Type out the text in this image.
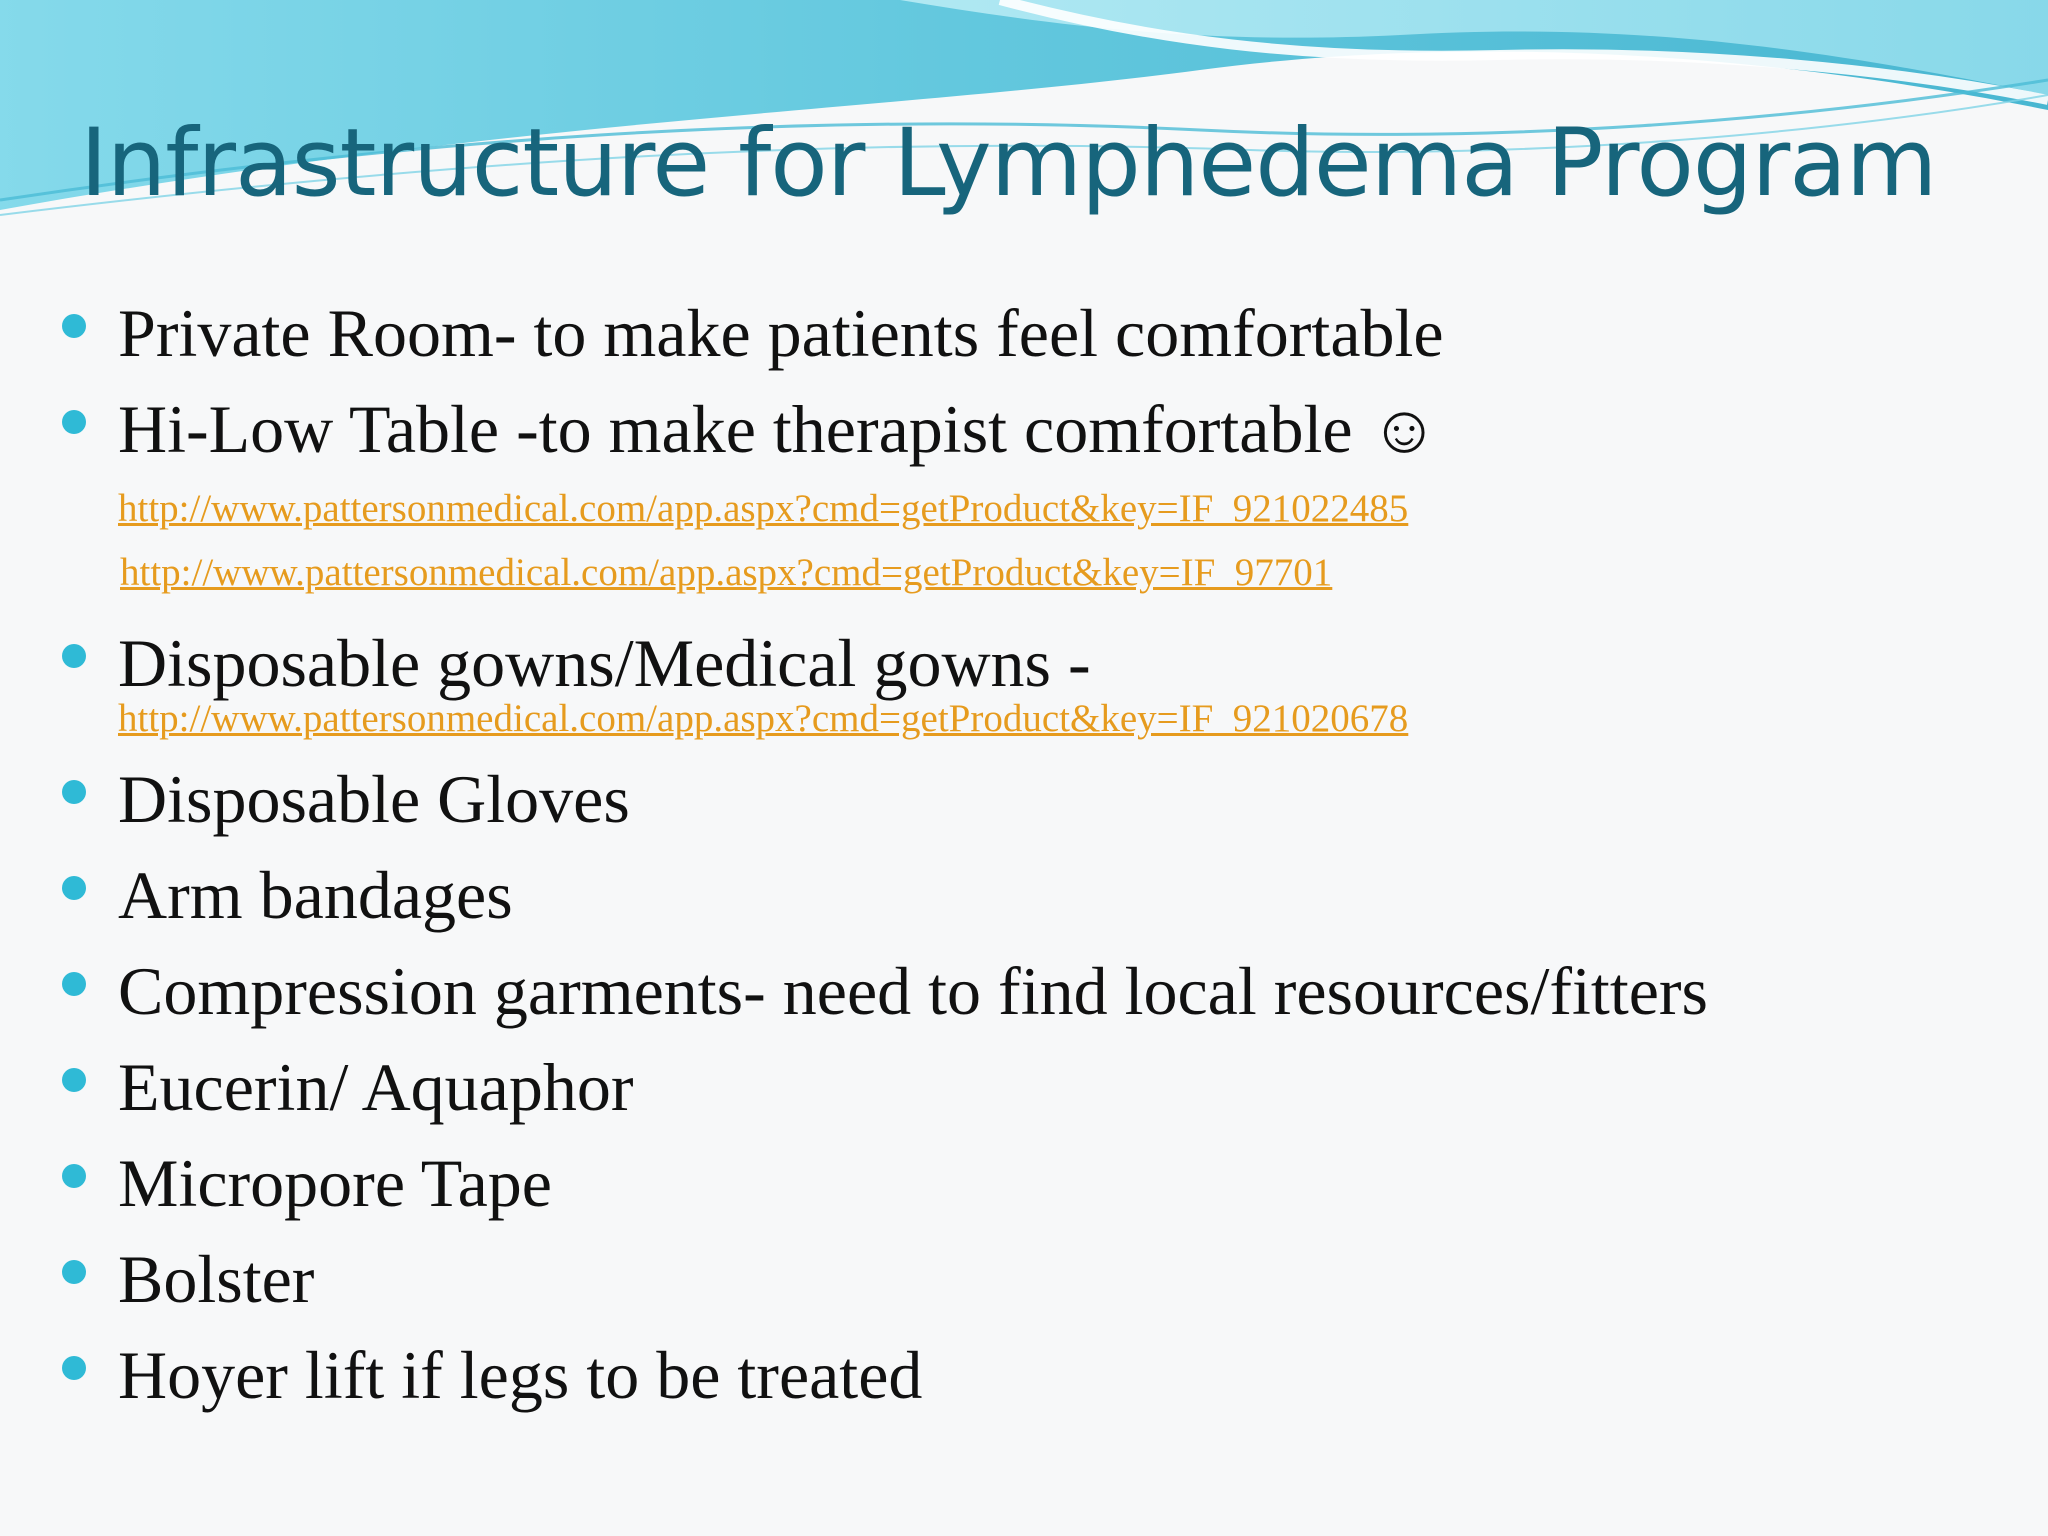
Infrastructure for Lymphedema Program
Private Room- to make patients feel comfortable
Hi-Low Table -to make therapist comfortable ☺
http://www.pattersonmedical.com/app.aspx?cmd=getProduct&key=IF_921022485
http://www.pattersonmedical.com/app.aspx?cmd=getProduct&key=IF_97701
Disposable gowns/Medical gowns -
http://www.pattersonmedical.com/app.aspx?cmd=getProduct&key=IF_921020678
Disposable Gloves
Arm bandages
Compression garments- need to find local resources/fitters
Eucerin/ Aquaphor
Micropore Tape
Bolster
Hoyer lift if legs to be treated
